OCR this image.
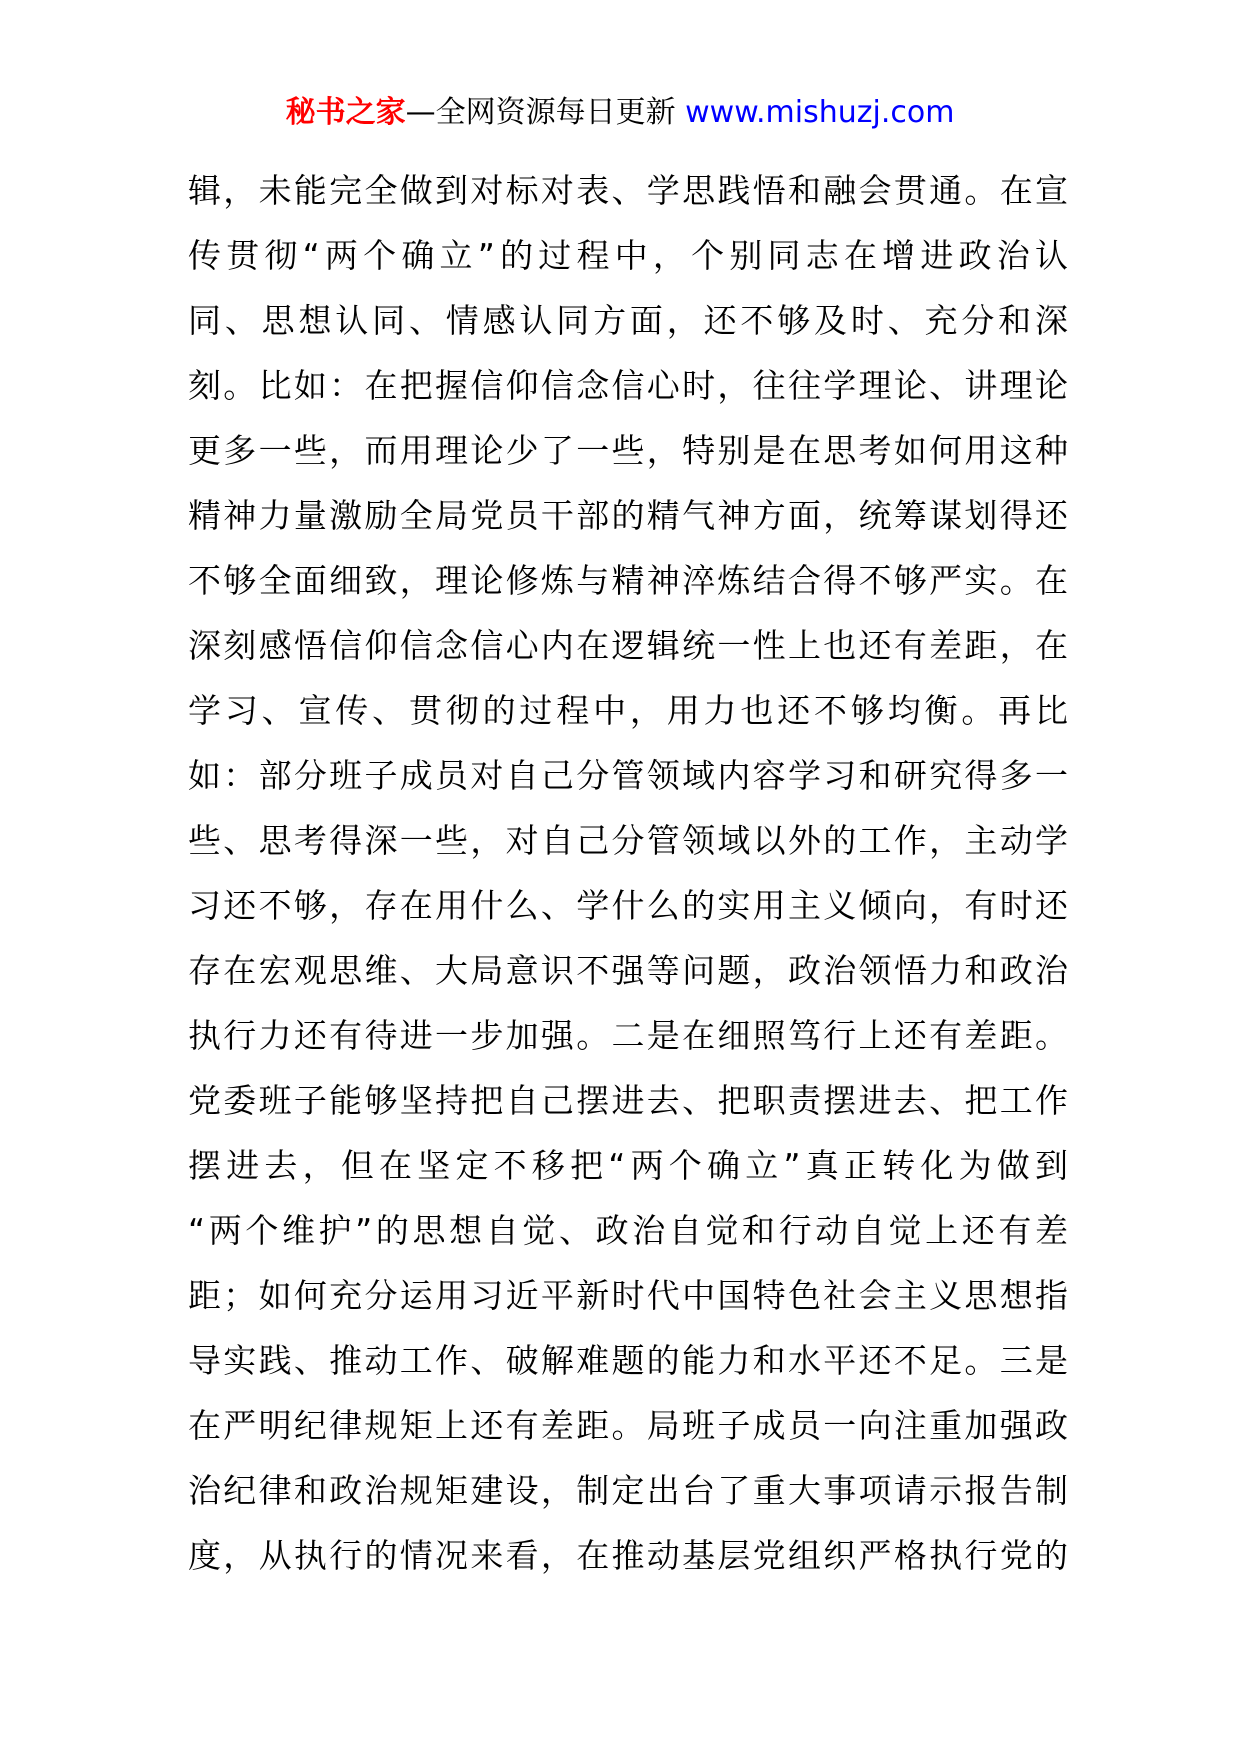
秘书之家—全网资源每日更新 www.mishuzj.com
辑，未能完全做到对标对表、学思践悟和融会贯通。在宣
传贯彻“两个确立”的过程中，个别同志在增进政治认
同、思想认同、情感认同方面，还不够及时、充分和深
刻。比如：在把握信仰信念信心时，往往学理论、讲理论
更多一些，而用理论少了一些，特别是在思考如何用这种
精神力量激励全局党员干部的精气神方面，统筹谋划得还
不够全面细致，理论修炼与精神淬炼结合得不够严实。在
深刻感悟信仰信念信心内在逻辑统一性上也还有差距，在
学习、宣传、贯彻的过程中，用力也还不够均衡。再比
如：部分班子成员对自己分管领域内容学习和研究得多一
些、思考得深一些，对自己分管领域以外的工作，主动学
习还不够，存在用什么、学什么的实用主义倾向，有时还
存在宏观思维、大局意识不强等问题，政治领悟力和政治
执行力还有待进一步加强。二是在细照笃行上还有差距。
党委班子能够坚持把自己摆进去、把职责摆进去、把工作
摆进去，但在坚定不移把“两个确立”真正转化为做到
“两个维护”的思想自觉、政治自觉和行动自觉上还有差
距；如何充分运用习近平新时代中国特色社会主义思想指
导实践、推动工作、破解难题的能力和水平还不足。三是
在严明纪律规矩上还有差距。局班子成员一向注重加强政
治纪律和政治规矩建设，制定出台了重大事项请示报告制
度，从执行的情况来看，在推动基层党组织严格执行党的
